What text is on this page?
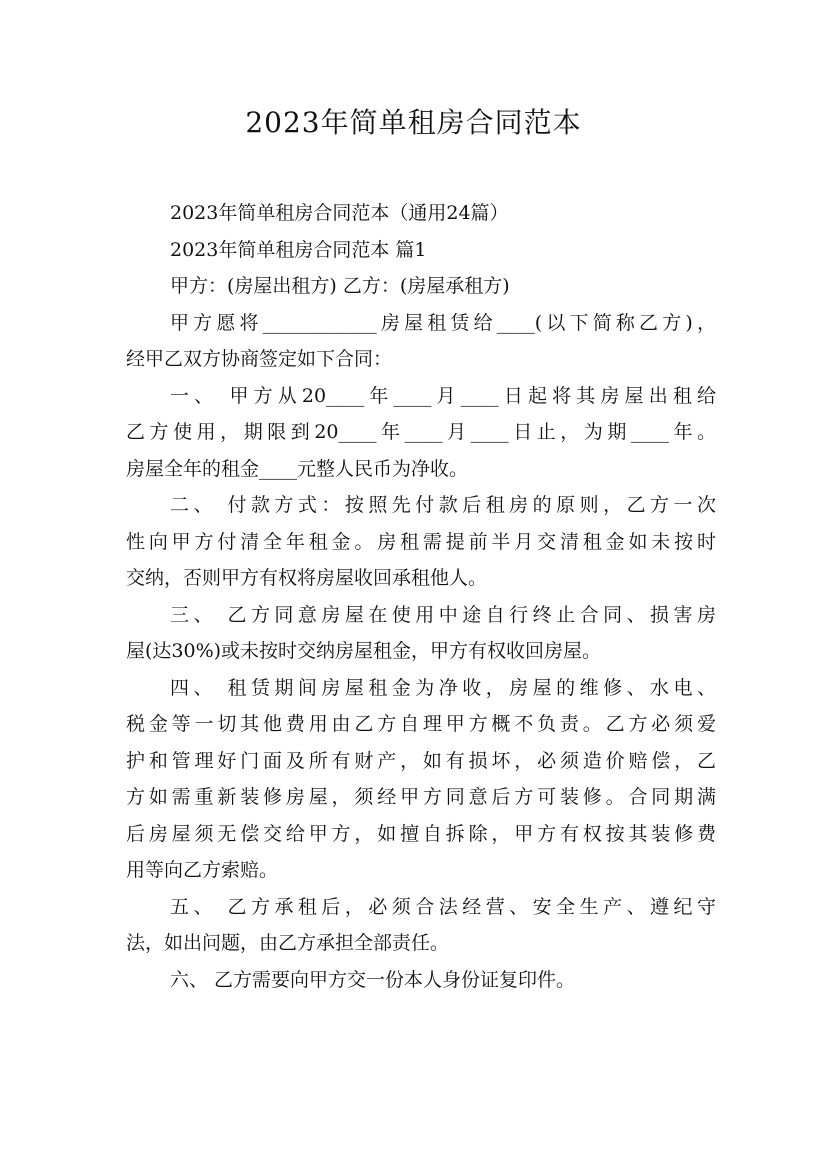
2023年简单租房合同范本

2023年简单租房合同范本（通用24篇）

2023年简单租房合同范本 篇1

甲方：(房屋出租方) 乙方：(房屋承租方)

甲方愿将____________房屋租赁给____(以下简称乙方)，

经甲乙双方协商签定如下合同：

一、 甲方从20____年____月____日起将其房屋出租给

乙方使用，期限到20____年____月____日止，为期____年。

房屋全年的租金____元整人民币为净收。

二、 付款方式：按照先付款后租房的原则，乙方一次

性向甲方付清全年租金。房租需提前半月交清租金如未按时

交纳，否则甲方有权将房屋收回承租他人。

三、 乙方同意房屋在使用中途自行终止合同、损害房

屋(达30%)或未按时交纳房屋租金，甲方有权收回房屋。

四、 租赁期间房屋租金为净收，房屋的维修、水电、

税金等一切其他费用由乙方自理甲方概不负责。乙方必须爱

护和管理好门面及所有财产，如有损坏，必须造价赔偿，乙

方如需重新装修房屋，须经甲方同意后方可装修。合同期满

后房屋须无偿交给甲方，如擅自拆除，甲方有权按其装修费

用等向乙方索赔。

五、 乙方承租后，必须合法经营、安全生产、遵纪守

法，如出问题，由乙方承担全部责任。

六、 乙方需要向甲方交一份本人身份证复印件。
